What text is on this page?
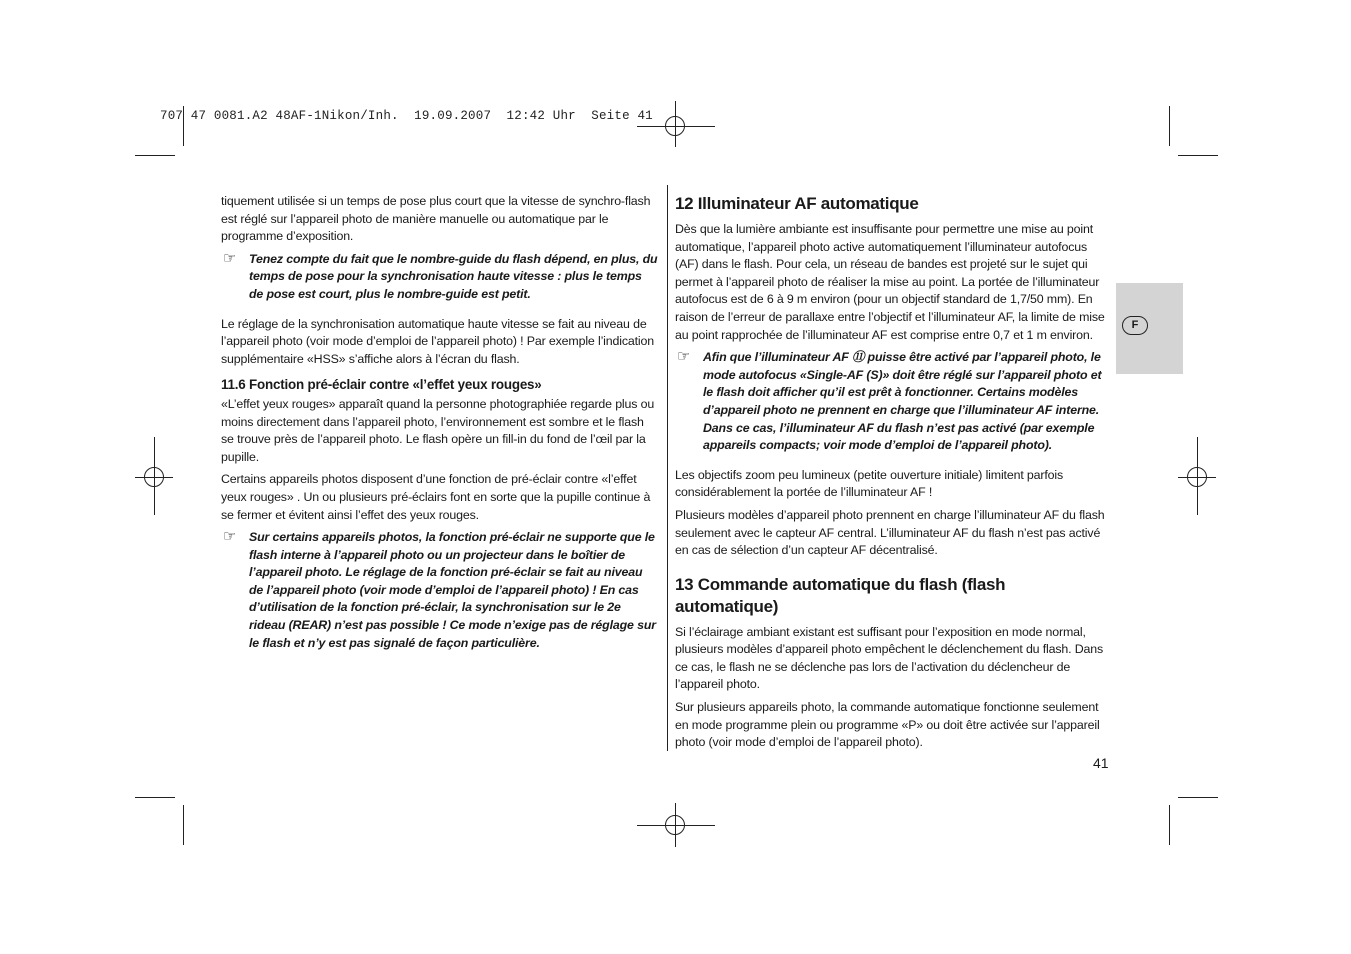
707 47 0081.A2 48AF-1Nikon/Inh.  19.09.2007  12:42 Uhr  Seite 41

tiquement utilisée si un temps de pose plus court que la vitesse de synchro-flash est réglé sur l’appareil photo de manière manuelle ou automatique par le programme d’exposition.

☞ Tenez compte du fait que le nombre-guide du flash dépend, en plus, du temps de pose pour la synchronisation haute vitesse : plus le temps de pose est court, plus le nombre-guide est petit.

Le réglage de la synchronisation automatique haute vitesse se fait au niveau de l’appareil photo (voir mode d’emploi de l’appareil photo) ! Par exemple l’indication supplémentaire «HSS» s’affiche alors à l’écran du flash.

11.6 Fonction pré-éclair contre «l’effet yeux rouges»

«L’effet yeux rouges» apparaît quand la personne photographiée regarde plus ou moins directement dans l’appareil photo, l’environnement est sombre et le flash se trouve près de l’appareil photo. Le flash opère un fill-in du fond de l’œil par la pupille.

Certains appareils photos disposent d’une fonction de pré-éclair contre «l’effet yeux rouges» . Un ou plusieurs pré-éclairs font en sorte que la pupille continue à se fermer et évitent ainsi l’effet des yeux rouges.

☞ Sur certains appareils photos, la fonction pré-éclair ne supporte que le flash interne à l’appareil photo ou un projecteur dans le boîtier de l’appareil photo. Le réglage de la fonction pré-éclair se fait au niveau de l’appareil photo (voir mode d’emploi de l’appareil photo) ! En cas d’utilisation de la fonction pré-éclair, la synchronisation sur le 2e rideau (REAR) n’est pas possible ! Ce mode n’exige pas de réglage sur le flash et n’y est pas signalé de façon particulière.
12 Illuminateur AF automatique

Dès que la lumière ambiante est insuffisante pour permettre une mise au point automatique, l’appareil photo active automatiquement l’illuminateur autofocus (AF) dans le flash. Pour cela, un réseau de bandes est projeté sur le sujet qui permet à l’appareil photo de réaliser la mise au point. La portée de l’illuminateur autofocus est de 6 à 9 m environ (pour un objectif standard de 1,7/50 mm). En raison de l’erreur de parallaxe entre l’objectif et l’illuminateur AF, la limite de mise au point rapprochée de l’illuminateur AF est comprise entre 0,7 et 1 m environ.

☞ Afin que l’illuminateur AF ⑪ puisse être activé par l’appareil photo, le mode autofocus «Single-AF (S)» doit être réglé sur l’appareil photo et le flash doit afficher qu’il est prêt à fonctionner. Certains modèles d’appareil photo ne prennent en charge que l’illuminateur AF interne. Dans ce cas, l’illuminateur AF du flash n’est pas activé (par exemple appareils compacts; voir mode d’emploi de l’appareil photo).

Les objectifs zoom peu lumineux (petite ouverture initiale) limitent parfois considérablement la portée de l’illuminateur AF !

Plusieurs modèles d’appareil photo prennent en charge l’illuminateur AF du flash seulement avec le capteur AF central. L’illuminateur AF du flash n’est pas activé en cas de sélection d’un capteur AF décentralisé.

13 Commande automatique du flash (flash automatique)

Si l’éclairage ambiant existant est suffisant pour l’exposition en mode normal, plusieurs modèles d’appareil photo empêchent le déclenchement du flash. Dans ce cas, le flash ne se déclenche pas lors de l’activation du déclencheur de l’appareil photo.

Sur plusieurs appareils photo, la commande automatique fonctionne seulement en mode programme plein ou programme «P» ou doit être activée sur l’appareil photo (voir mode d’emploi de l’appareil photo).

F
41
